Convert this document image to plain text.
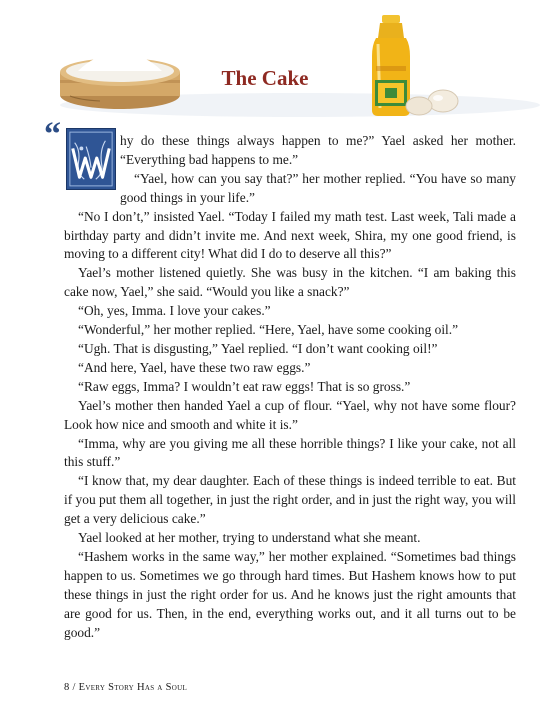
The Cake
“	hy do these things always happen to me?” Yael asked her mother. “Everything bad happens to me.”

“Yael, how can you say that?” her mother replied. “You have so many good things in your life.”

“No I don’t,” insisted Yael. “Today I failed my math test. Last week, Tali made a birthday party and didn’t invite me. And next week, Shira, my one good friend, is moving to a different city! What did I do to deserve all this?”

Yael’s mother listened quietly. She was busy in the kitchen. “I am baking this cake now, Yael,” she said. “Would you like a snack?”

“Oh, yes, Imma. I love your cakes.”

“Wonderful,” her mother replied. “Here, Yael, have some cooking oil.”

“Ugh. That is disgusting,” Yael replied. “I don’t want cooking oil!”

“And here, Yael, have these two raw eggs.”

“Raw eggs, Imma? I wouldn’t eat raw eggs! That is so gross.”

Yael’s mother then handed Yael a cup of flour. “Yael, why not have some flour? Look how nice and smooth and white it is.”

“Imma, why are you giving me all these horrible things? I like your cake, not all this stuff.”

“I know that, my dear daughter. Each of these things is indeed terrible to eat. But if you put them all together, in just the right order, and in just the right way, you will get a very delicious cake.”

Yael looked at her mother, trying to understand what she meant.

“Hashem works in the same way,” her mother explained. “Sometimes bad things happen to us. Sometimes we go through hard times. But Hashem knows how to put these things in just the right order for us. And he knows just the right amounts that are good for us. Then, in the end, everything works out, and it all turns out to be good.”

8 / Every Story Has a Soul
